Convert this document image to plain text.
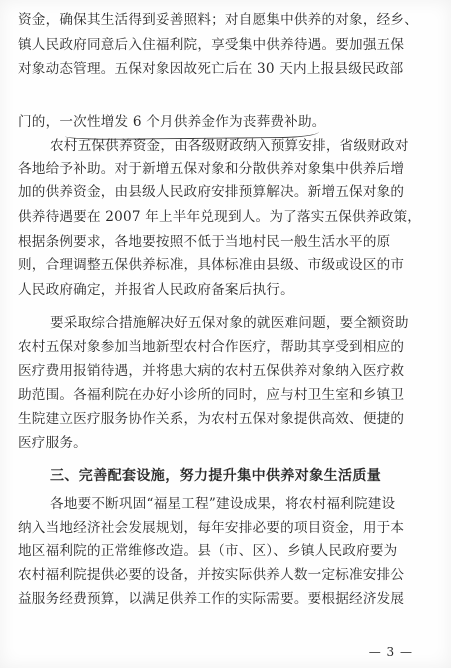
资金，确保其生活得到妥善照料；对自愿集中供养的对象，经乡、
镇人民政府同意后入住福利院，享受集中供养待遇。要加强五保
对象动态管理。五保对象因故死亡后在 30 天内上报县级民政部
门的，一次性增发 6 个月供养金作为丧葬费补助。
农村五保供养资金，由各级财政纳入预算安排，省级财政对
各地给予补助。对于新增五保对象和分散供养对象集中供养后增
加的供养资金，由县级人民政府安排预算解决。新增五保对象的
供养待遇要在 2007 年上半年兑现到人。为了落实五保供养政策，
根据条例要求，各地要按照不低于当地村民一般生活水平的原
则，合理调整五保供养标准，具体标准由县级、市级或设区的市
人民政府确定，并报省人民政府备案后执行。
要采取综合措施解决好五保对象的就医难问题，要全额资助
农村五保对象参加当地新型农村合作医疗，帮助其享受到相应的
医疗费用报销待遇，并将患大病的农村五保供养对象纳入医疗救
助范围。各福利院在办好小诊所的同时，应与村卫生室和乡镇卫
生院建立医疗服务协作关系，为农村五保对象提供高效、便捷的
医疗服务。
三、完善配套设施，努力提升集中供养对象生活质量
各地要不断巩固“福星工程”建设成果，将农村福利院建设
纳入当地经济社会发展规划，每年安排必要的项目资金，用于本
地区福利院的正常维修改造。县（市、区）、乡镇人民政府要为
农村福利院提供必要的设备，并按实际供养人数一定标准安排公
益服务经费预算，以满足供养工作的实际需要。要根据经济发展
— 3 —
